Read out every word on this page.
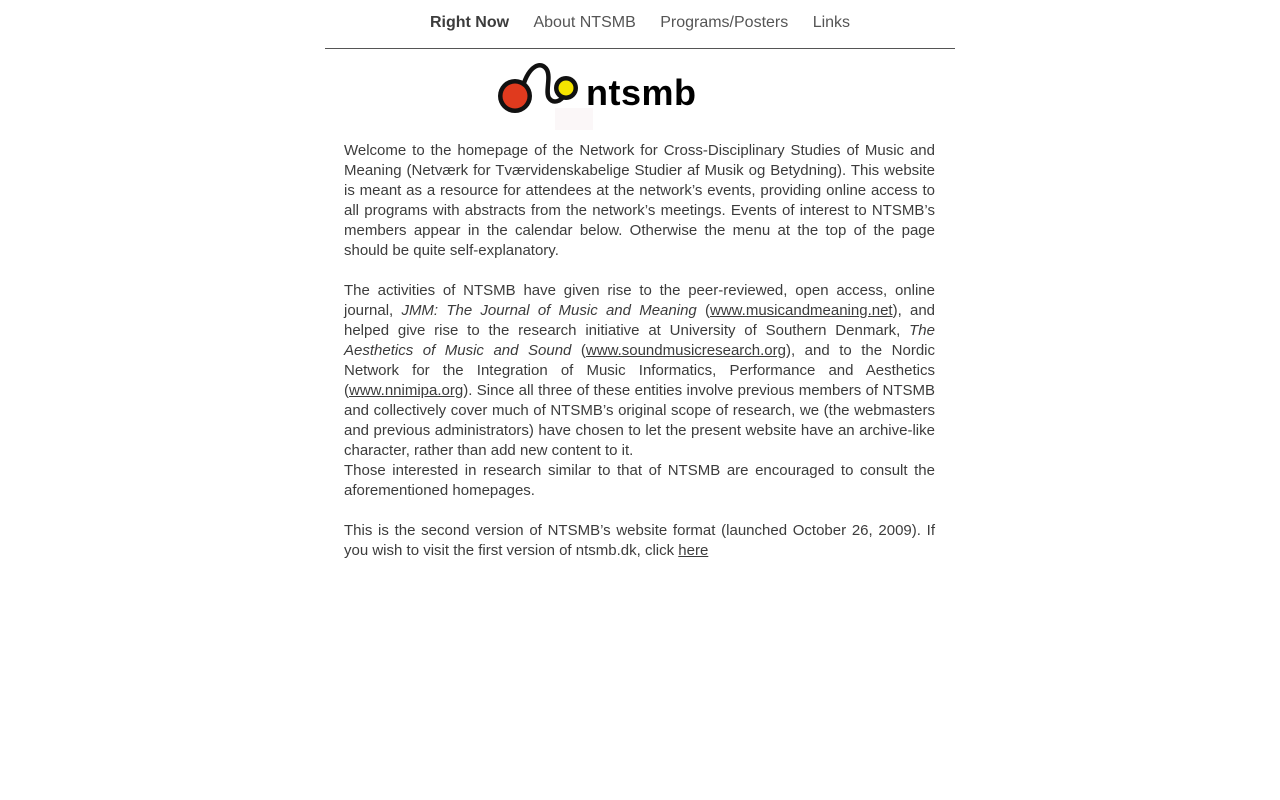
Right Now About NTSMB Programs/Posters Links
ntsmb

Welcome to the homepage of the Network for Cross-Disciplinary Studies of Music and Meaning (Netværk for Tværvidenskabelige Studier af Musik og Betydning). This website is meant as a resource for attendees at the network’s events, providing online access to all programs with abstracts from the network’s meetings. Events of interest to NTSMB’s members appear in the calendar below. Otherwise the menu at the top of the page should be quite self-explanatory.

The activities of NTSMB have given rise to the peer-reviewed, open access, online journal, JMM: The Journal of Music and Meaning (www.musicandmeaning.net), and helped give rise to the research initiative at University of Southern Denmark, The Aesthetics of Music and Sound (www.soundmusicresearch.org), and to the Nordic Network for the Integration of Music Informatics, Performance and Aesthetics (www.nnimipa.org). Since all three of these entities involve previous members of NTSMB and collectively cover much of NTSMB’s original scope of research, we (the webmasters and previous administrators) have chosen to let the present website have an archive-like character, rather than add new content to it.

Those interested in research similar to that of NTSMB are encouraged to consult the aforementioned homepages.

This is the second version of NTSMB’s website format (launched October 26, 2009). If you wish to visit the first version of ntsmb.dk, click here
